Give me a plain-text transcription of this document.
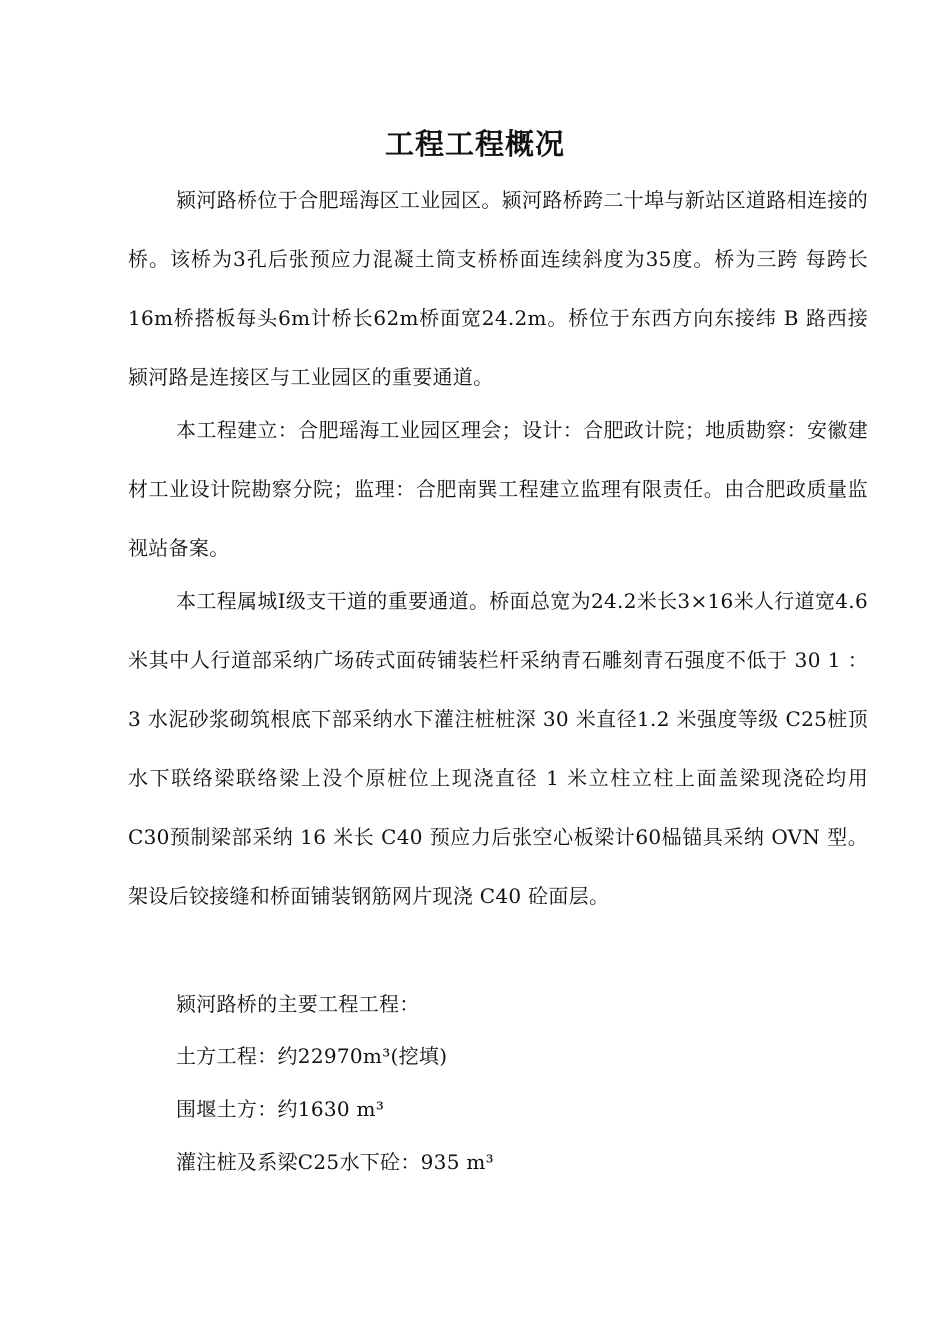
工程工程概况

颍河路桥位于合肥瑶海区工业园区。颍河路桥跨二十埠与新站区道路相连接的桥。该桥为3孔后张预应力混凝土筒支桥桥面连续斜度为35度。桥为三跨 每跨长16m桥搭板每头6m计桥长62m桥面宽24.2m。桥位于东西方向东接纬 B 路西接颍河路是连接区与工业园区的重要通道。

本工程建立：合肥瑶海工业园区理会；设计：合肥政计院；地质勘察：安徽建材工业设计院勘察分院；监理：合肥南巽工程建立监理有限责任。由合肥政质量监视站备案。

本工程属城Ⅰ级支干道的重要通道。桥面总宽为24.2米长3×16米人行道宽4.6米其中人行道部采纳广场砖式面砖铺装栏杆采纳青石雕刻青石强度不低于 30 1 ：3 水泥砂浆砌筑根底下部采纳水下灌注桩桩深 30 米直径1.2 米强度等级 C25桩顶水下联络梁联络梁上没个原桩位上现浇直径 1 米立柱立柱上面盖梁现浇砼均用 C30预制梁部采纳 16 米长 C40 预应力后张空心板梁计60榀锚具采纳 OVN 型。架设后铰接缝和桥面铺装钢筋网片现浇 C40 砼面层。

颍河路桥的主要工程工程：

土方工程：约22970m³(挖填)

围堰土方：约1630 m³

灌注桩及系梁C25水下砼：935 m³
